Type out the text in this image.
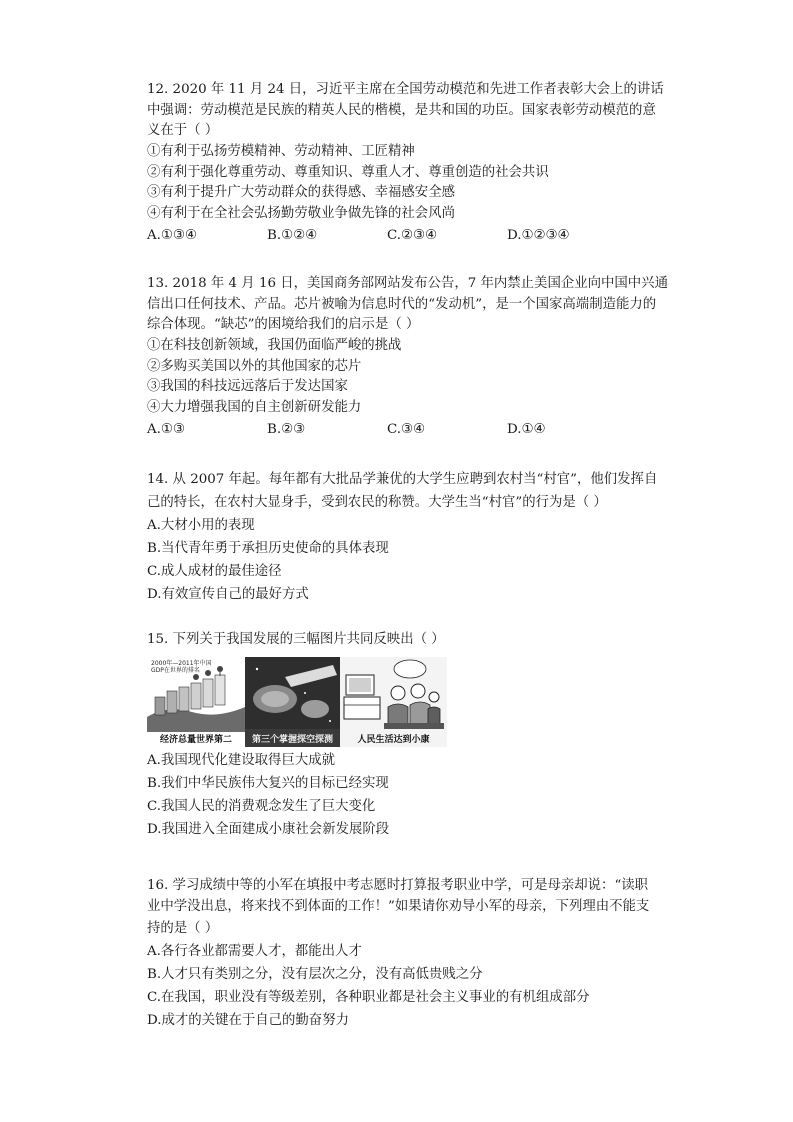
12. 2020 年 11 月 24 日，习近平主席在全国劳动模范和先进工作者表彰大会上的讲话
中强调：劳动模范是民族的精英人民的楷模，是共和国的功臣。国家表彰劳动模范的意
义在于（ ）
①有利于弘扬劳模精神、劳动精神、工匠精神
②有利于强化尊重劳动、尊重知识、尊重人才、尊重创造的社会共识
③有利于提升广大劳动群众的获得感、幸福感安全感
④有利于在全社会弘扬勤劳敬业争做先锋的社会风尚
A.①③④	B.①②④	C.②③④	D.①②③④
13. 2018 年 4 月 16 日，美国商务部网站发布公告，7 年内禁止美国企业向中国中兴通
信出口任何技术、产品。芯片被喻为信息时代的“发动机”，是一个国家高端制造能力的
综合体现。“缺芯”的困境给我们的启示是（ ）
①在科技创新领域，我国仍面临严峻的挑战
②多购买美国以外的其他国家的芯片
③我国的科技远远落后于发达国家
④大力增强我国的自主创新研发能力
A.①③	B.②③	C.③④	D.①④
14. 从 2007 年起。每年都有大批品学兼优的大学生应聘到农村当“村官”，他们发挥自
己的特长，在农村大显身手，受到农民的称赞。大学生当“村官”的行为是（ ）
A.大材小用的表现
B.当代青年勇于承担历史使命的具体表现
C.成人成材的最佳途径
D.有效宣传自己的最好方式
15. 下列关于我国发展的三幅图片共同反映出（ ）
2000年—2011年中国GDP在世界的排名
经济总量世界第二	第三个掌握探空探测	人民生活达到小康
A.我国现代化建设取得巨大成就
B.我们中华民族伟大复兴的目标已经实现
C.我国人民的消费观念发生了巨大变化
D.我国进入全面建成小康社会新发展阶段
16. 学习成绩中等的小军在填报中考志愿时打算报考职业中学，可是母亲却说：“读职
业中学没出息，将来找不到体面的工作！”如果请你劝导小军的母亲，下列理由不能支
持的是（ ）
A.各行各业都需要人才，都能出人才
B.人才只有类别之分，没有层次之分，没有高低贵贱之分
C.在我国，职业没有等级差别，各种职业都是社会主义事业的有机组成部分
D.成才的关键在于自己的勤奋努力
